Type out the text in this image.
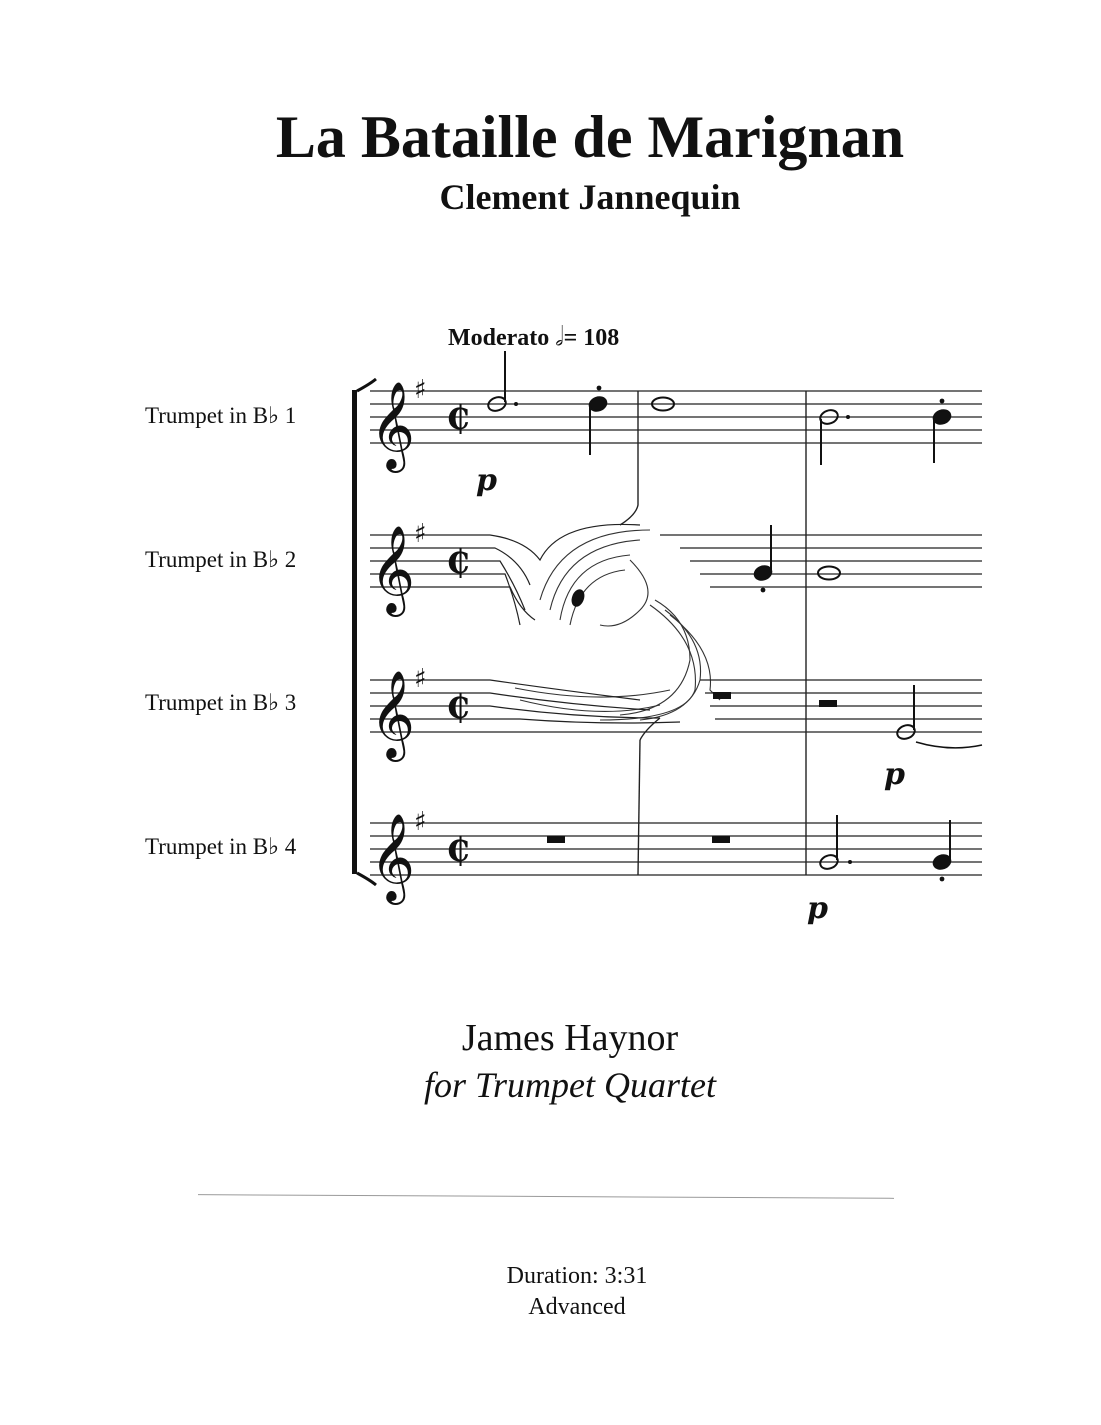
La Bataille de Marignan
Clement Jannequin
Moderato 𝅗𝅥= 108
Trumpet in B♭ 1
Trumpet in B♭ 2
Trumpet in B♭ 3
Trumpet in B♭ 4
𝄞
𝄞
𝄞
𝄞
♯
♯
♯
♯
₵
₵
₵
₵
p
p
p
James Haynor
for Trumpet Quartet
Duration: 3:31
Advanced
